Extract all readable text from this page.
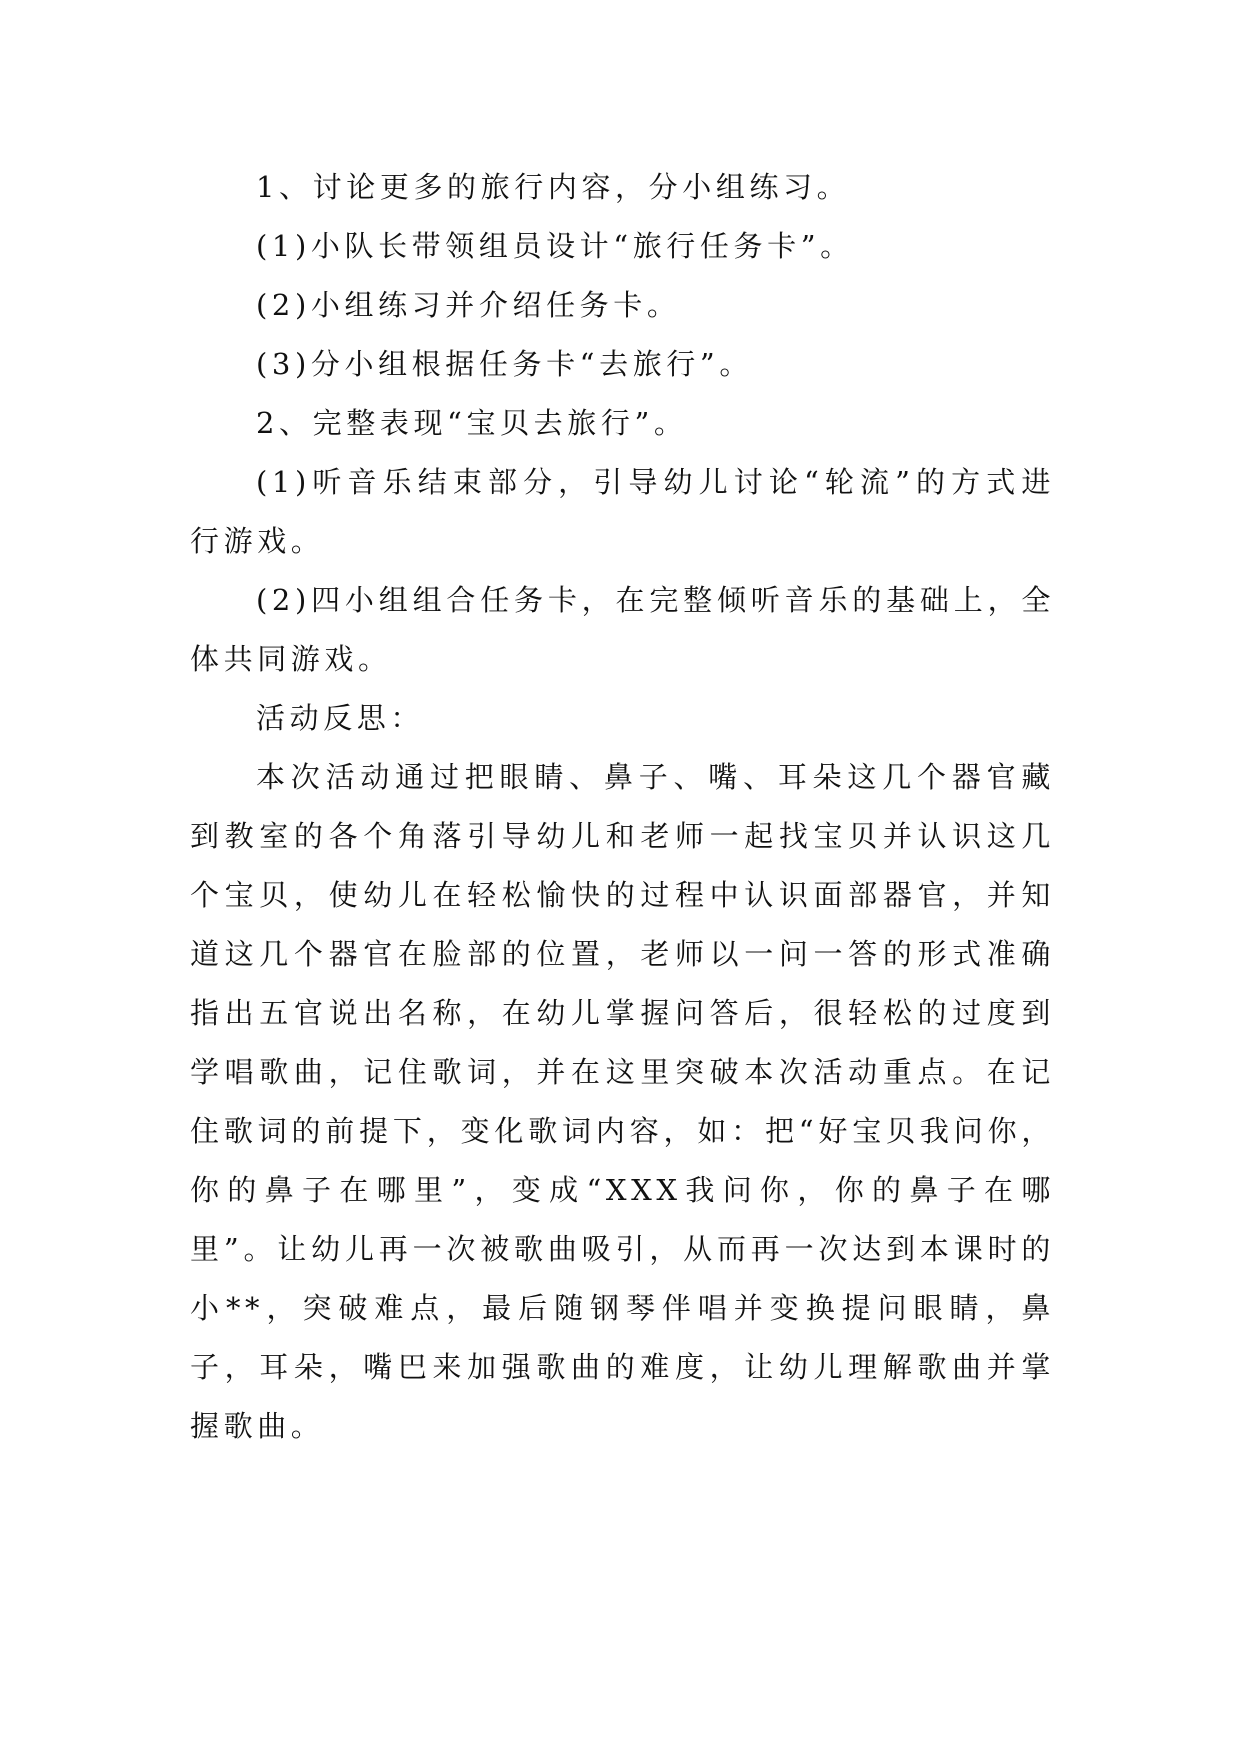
1、讨论更多的旅行内容，分小组练习。

(1)小队长带领组员设计“旅行任务卡”。

(2)小组练习并介绍任务卡。

(3)分小组根据任务卡“去旅行”。

2、完整表现“宝贝去旅行”。

(1)听音乐结束部分，引导幼儿讨论“轮流”的方式进行游戏。

(2)四小组组合任务卡，在完整倾听音乐的基础上，全体共同游戏。

活动反思：

本次活动通过把眼睛、鼻子、嘴、耳朵这几个器官藏到教室的各个角落引导幼儿和老师一起找宝贝并认识这几个宝贝，使幼儿在轻松愉快的过程中认识面部器官，并知道这几个器官在脸部的位置，老师以一问一答的形式准确指出五官说出名称，在幼儿掌握问答后，很轻松的过度到学唱歌曲，记住歌词，并在这里突破本次活动重点。在记住歌词的前提下，变化歌词内容，如：把“好宝贝我问你，你的鼻子在哪里”，变成“XXX我问你，你的鼻子在哪里”。让幼儿再一次被歌曲吸引，从而再一次达到本课时的小**，突破难点，最后随钢琴伴唱并变换提问眼睛，鼻子，耳朵，嘴巴来加强歌曲的难度，让幼儿理解歌曲并掌握歌曲。
